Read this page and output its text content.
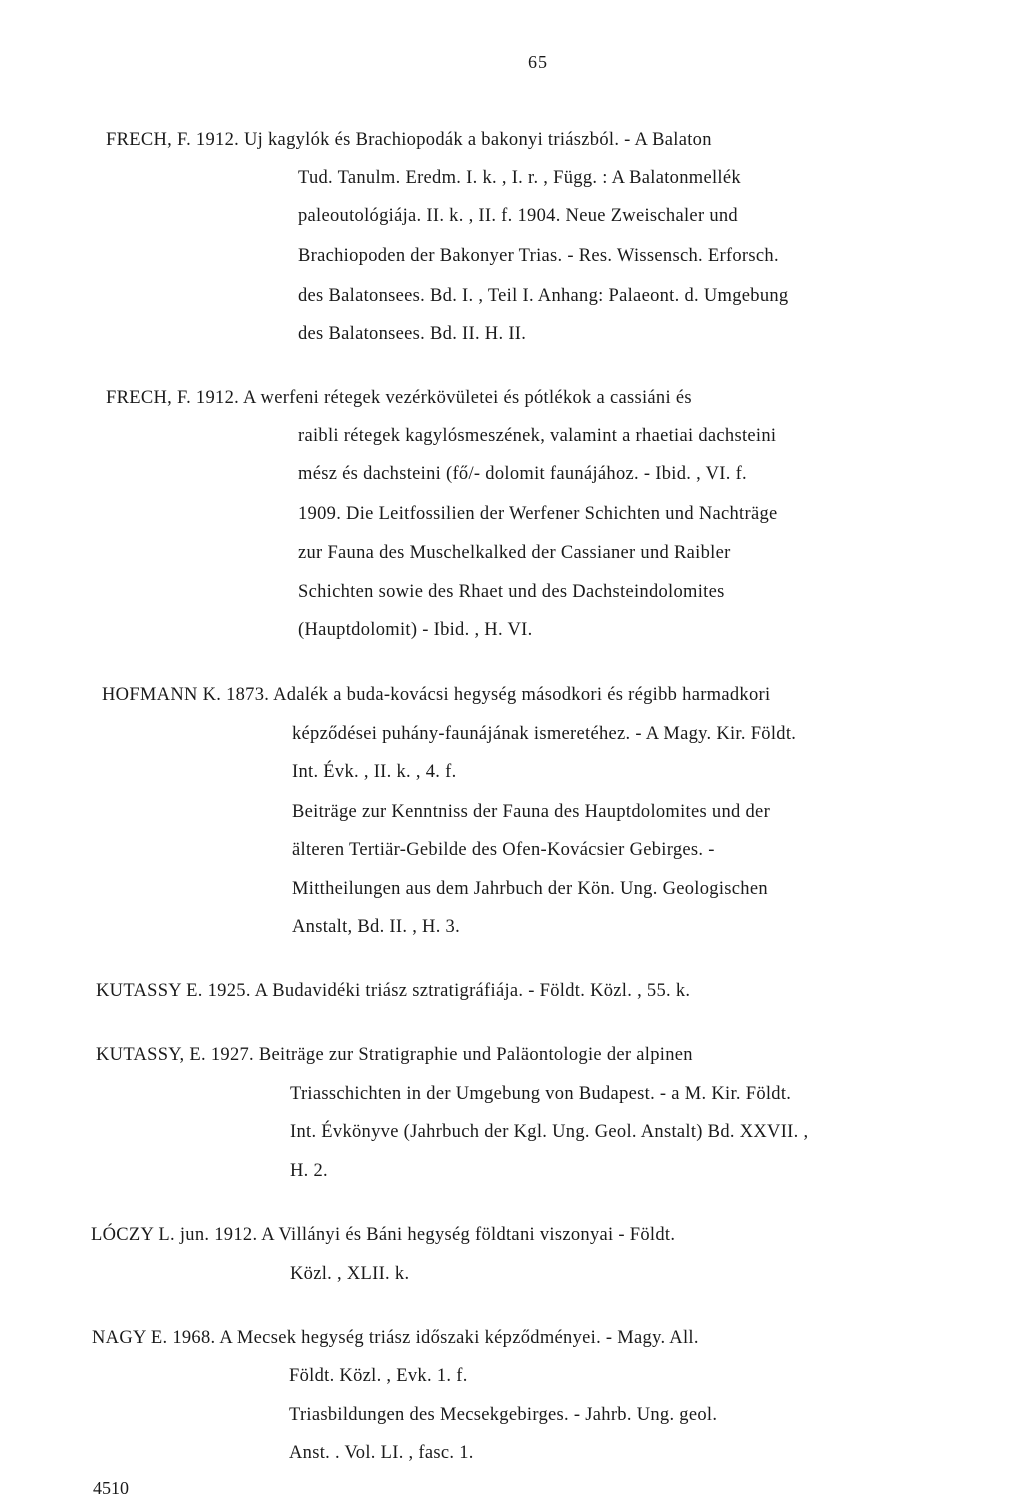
65
FRECH, F. 1912. Uj kagylók és Brachiopodák a bakonyi triászból. - A Balaton
Tud. Tanulm. Eredm. I. k. , I. r. , Függ. : A Balatonmellék
paleoutológiája. II. k. , II. f. 1904. Neue Zweischaler und
Brachiopoden der Bakonyer Trias. - Res. Wissensch. Erforsch.
des Balatonsees. Bd. I. , Teil I. Anhang: Palaeont. d. Umgebung
des Balatonsees. Bd. II. H. II.
FRECH, F. 1912. A werfeni rétegek vezérkövületei és pótlékok a cassiáni és
raibli rétegek kagylósmeszének, valamint a rhaetiai dachsteini
mész és dachsteini (fő/- dolomit faunájához. - Ibid. , VI. f.
1909. Die Leitfossilien der Werfener Schichten und Nachträge
zur Fauna des Muschelkalked der Cassianer und Raibler
Schichten sowie des Rhaet und des Dachsteindolomites
(Hauptdolomit) - Ibid. , H. VI.
HOFMANN K. 1873. Adalék a buda-kovácsi hegység másodkori és régibb harmadkori
képződései puhány-faunájának ismeretéhez. - A Magy. Kir. Földt.
Int. Évk. , II. k. , 4. f.
Beiträge zur Kenntniss der Fauna des Hauptdolomites und der
älteren Tertiär-Gebilde des Ofen-Kovácsier Gebirges. -
Mittheilungen aus dem Jahrbuch der Kön. Ung. Geologischen
Anstalt, Bd. II. , H. 3.
KUTASSY E. 1925. A Budavidéki triász sztratigráfiája. - Földt. Közl. , 55. k.
KUTASSY, E. 1927. Beiträge zur Stratigraphie und Paläontologie der alpinen
Triasschichten in der Umgebung von Budapest. - a M. Kir. Földt.
Int. Évkönyve (Jahrbuch der Kgl. Ung. Geol. Anstalt) Bd. XXVII. ,
H. 2.
LÓCZY L. jun. 1912. A Villányi és Báni hegység földtani viszonyai - Földt.
Közl. , XLII. k.
NAGY E. 1968. A Mecsek hegység triász időszaki képződményei. - Magy. All.
Földt. Közl. , Evk. 1. f.
Triasbildungen des Mecsekgebirges. - Jahrb. Ung. geol.
Anst. . Vol. LI. , fasc. 1.
4510
